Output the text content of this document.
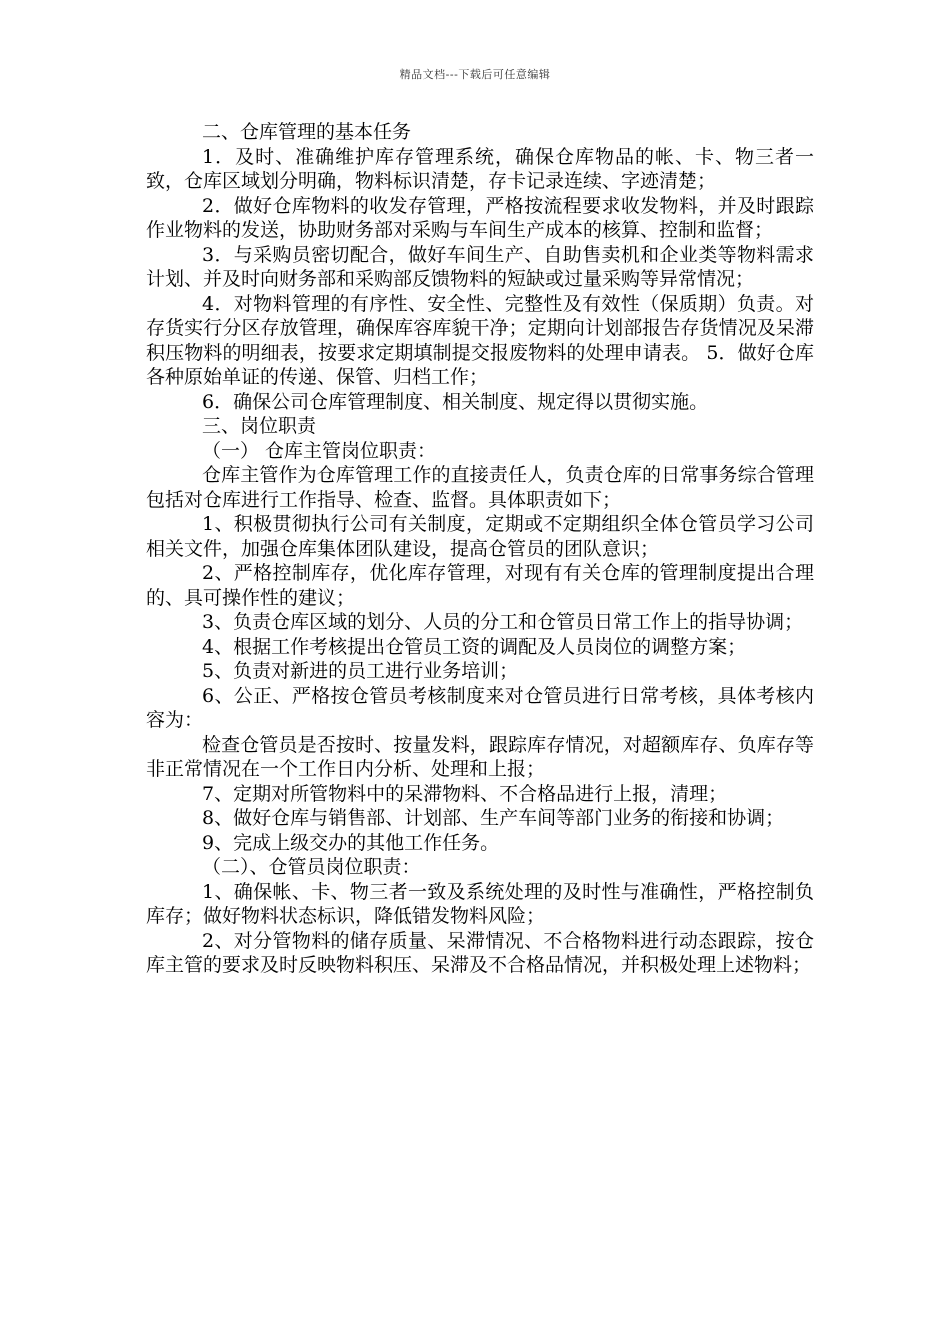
精品文档---下载后可任意编辑

二、仓库管理的基本任务

1．及时、准确维护库存管理系统，确保仓库物品的帐、卡、物三者一致，仓库区域划分明确，物料标识清楚，存卡记录连续、字迹清楚；

2．做好仓库物料的收发存管理，严格按流程要求收发物料，并及时跟踪作业物料的发送，协助财务部对采购与车间生产成本的核算、控制和监督；

3．与采购员密切配合，做好车间生产、自助售卖机和企业类等物料需求计划、并及时向财务部和采购部反馈物料的短缺或过量采购等异常情况；

4．对物料管理的有序性、安全性、完整性及有效性（保质期）负责。对存货实行分区存放管理，确保库容库貌干净；定期向计划部报告存货情况及呆滞积压物料的明细表，按要求定期填制提交报废物料的处理申请表。 5．做好仓库各种原始单证的传递、保管、归档工作；

6．确保公司仓库管理制度、相关制度、规定得以贯彻实施。

三、岗位职责

（一） 仓库主管岗位职责：

仓库主管作为仓库管理工作的直接责任人，负责仓库的日常事务综合管理包括对仓库进行工作指导、检查、监督。具体职责如下；

1、积极贯彻执行公司有关制度，定期或不定期组织全体仓管员学习公司相关文件，加强仓库集体团队建设，提高仓管员的团队意识；

2、严格控制库存，优化库存管理，对现有有关仓库的管理制度提出合理的、具可操作性的建议；

3、负责仓库区域的划分、人员的分工和仓管员日常工作上的指导协调；

4、根据工作考核提出仓管员工资的调配及人员岗位的调整方案；

5、负责对新进的员工进行业务培训；

6、公正、严格按仓管员考核制度来对仓管员进行日常考核，具体考核内容为：

检查仓管员是否按时、按量发料，跟踪库存情况，对超额库存、负库存等非正常情况在一个工作日内分析、处理和上报；

7、定期对所管物料中的呆滞物料、不合格品进行上报，清理；

8、做好仓库与销售部、计划部、生产车间等部门业务的衔接和协调；

9、完成上级交办的其他工作任务。

（二）、仓管员岗位职责：

1、确保帐、卡、物三者一致及系统处理的及时性与准确性，严格控制负库存；做好物料状态标识，降低错发物料风险；

2、对分管物料的储存质量、呆滞情况、不合格物料进行动态跟踪，按仓库主管的要求及时反映物料积压、呆滞及不合格品情况，并积极处理上述物料；
